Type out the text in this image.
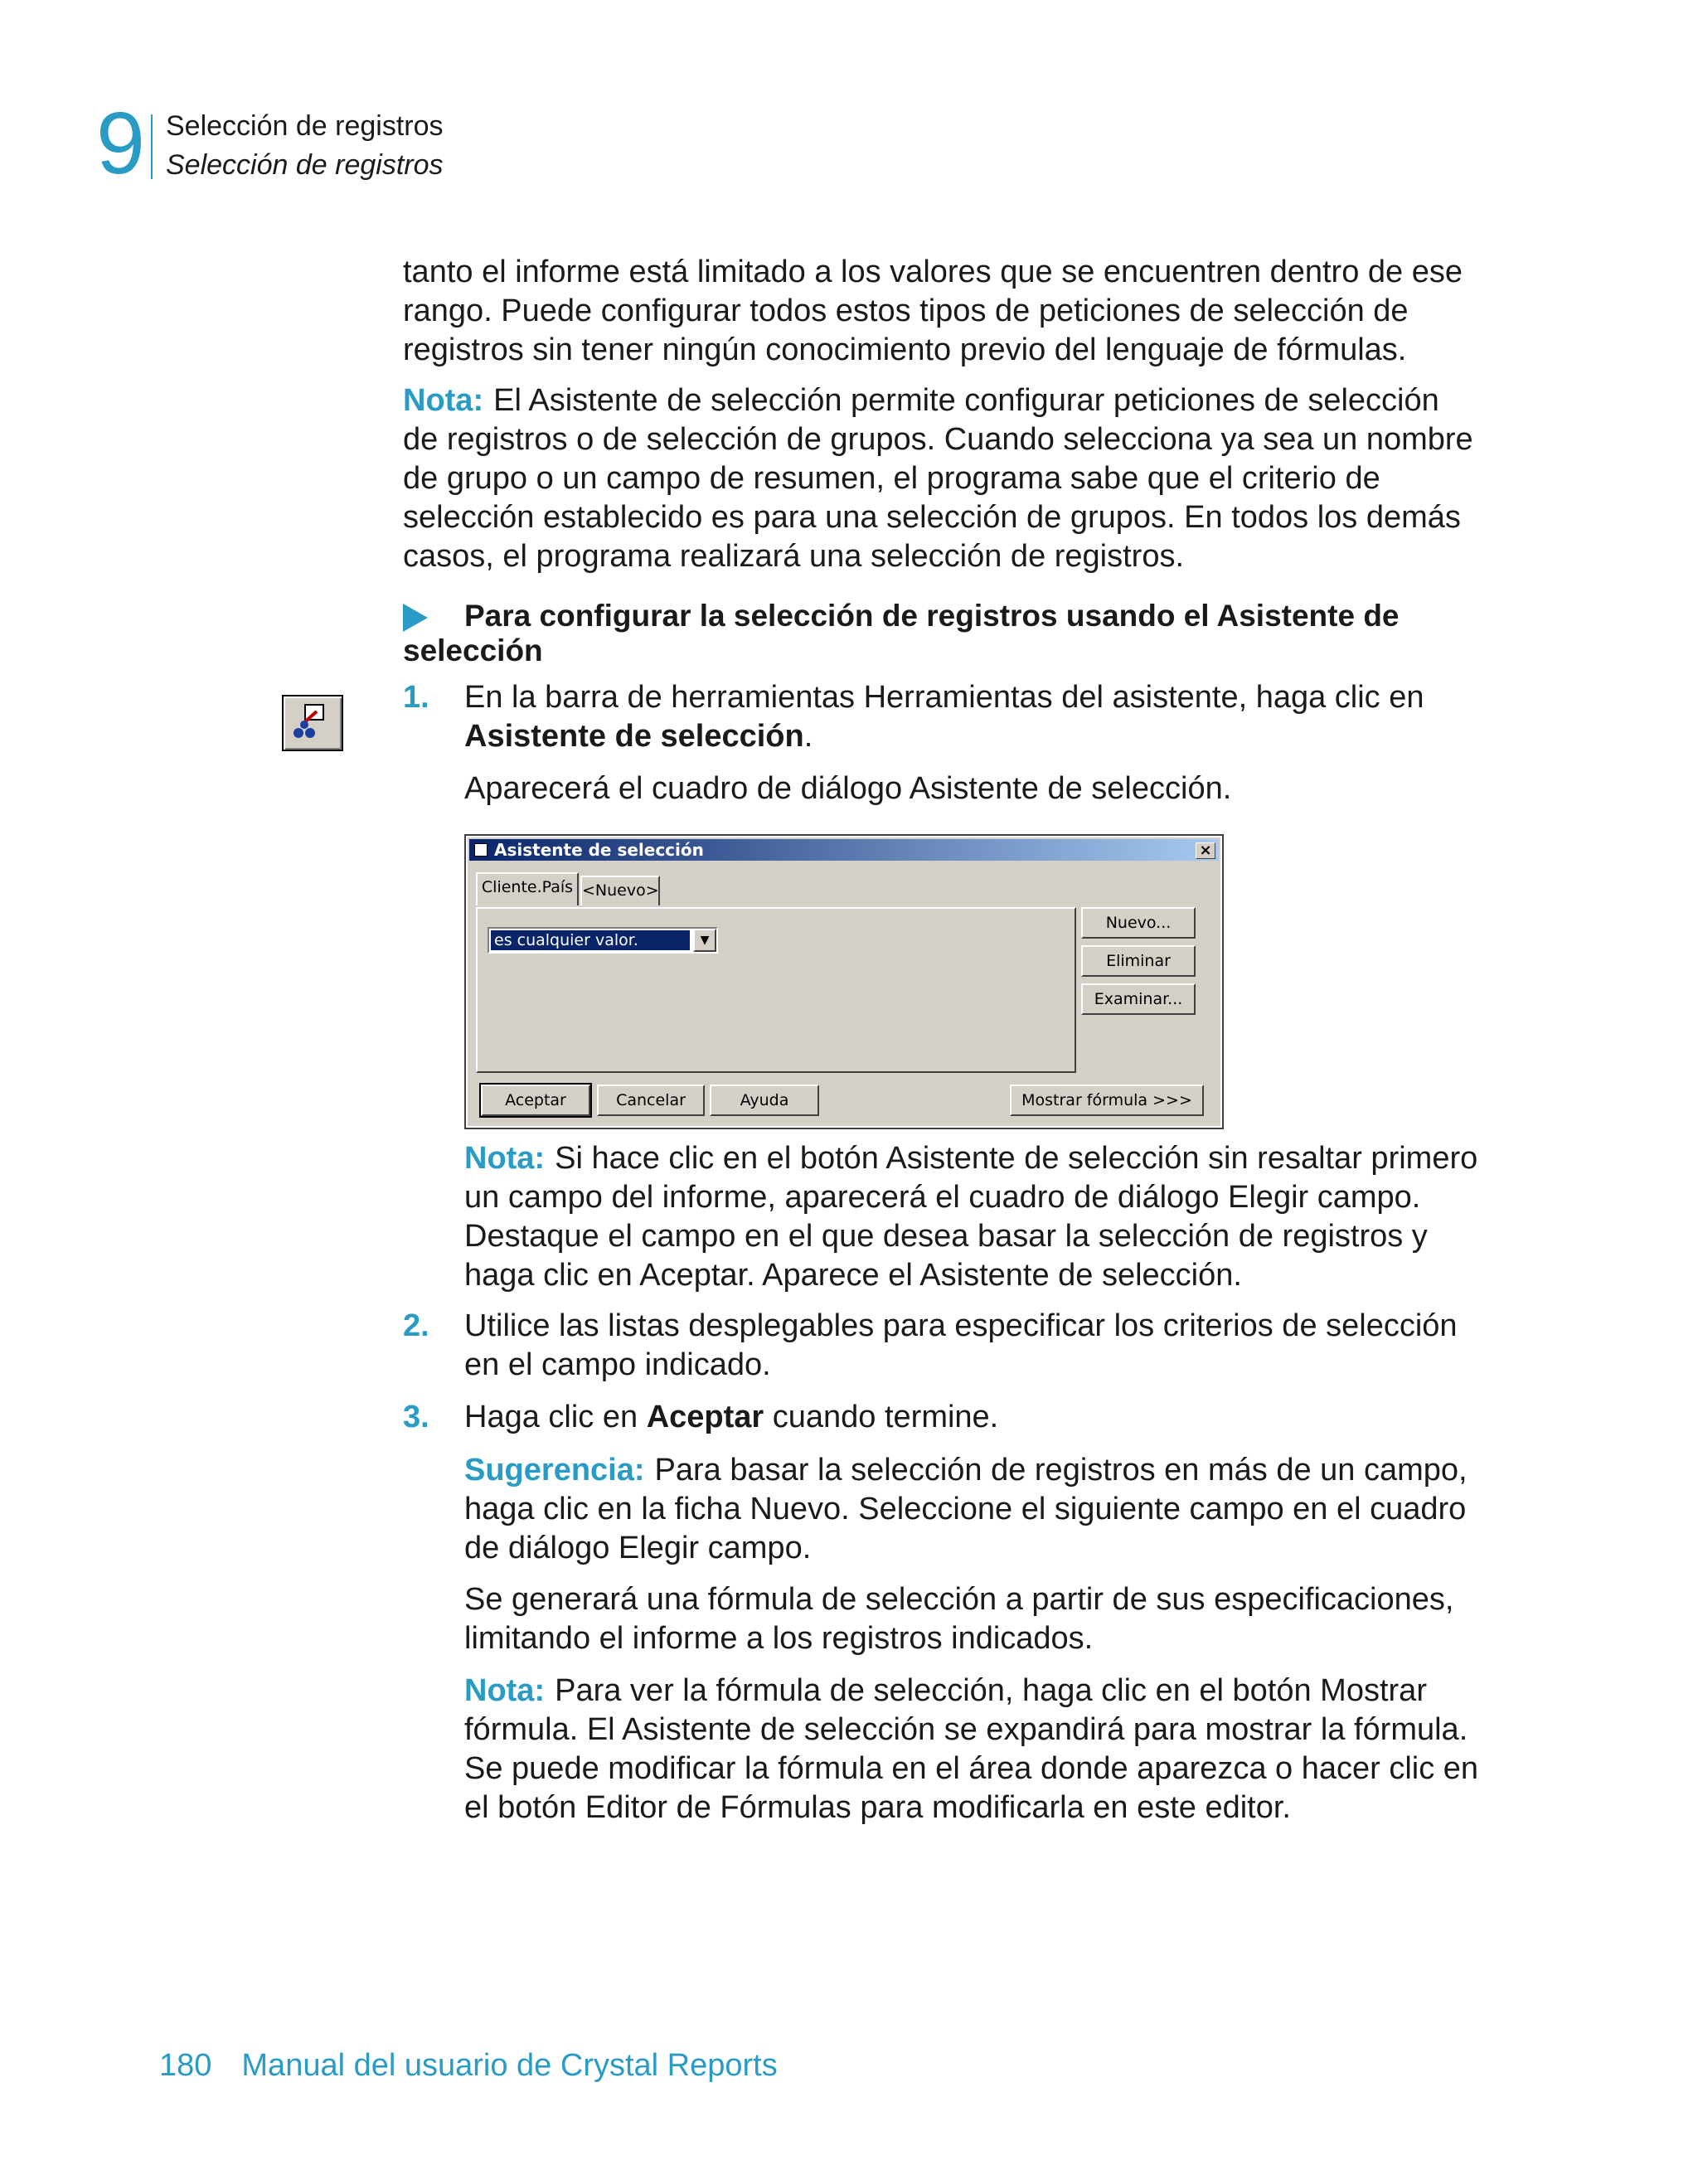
9 Selección de registros
Selección de registros
tanto el informe está limitado a los valores que se encuentren dentro de ese
rango. Puede configurar todos estos tipos de peticiones de selección de
registros sin tener ningún conocimiento previo del lenguaje de fórmulas.
Nota: El Asistente de selección permite configurar peticiones de selección
de registros o de selección de grupos. Cuando selecciona ya sea un nombre
de grupo o un campo de resumen, el programa sabe que el criterio de
selección establecido es para una selección de grupos. En todos los demás
casos, el programa realizará una selección de registros.
Para configurar la selección de registros usando el Asistente de
selección
1. En la barra de herramientas Herramientas del asistente, haga clic en
Asistente de selección.
Aparecerá el cuadro de diálogo Asistente de selección.
Asistente de selección	×
Cliente.País <Nuevo>
es cualquier valor.	▼
Nuevo...
Eliminar
Examinar...
Aceptar	Cancelar	Ayuda	Mostrar fórmula >>>
Nota: Si hace clic en el botón Asistente de selección sin resaltar primero
un campo del informe, aparecerá el cuadro de diálogo Elegir campo.
Destaque el campo en el que desea basar la selección de registros y
haga clic en Aceptar. Aparece el Asistente de selección.
2. Utilice las listas desplegables para especificar los criterios de selección
en el campo indicado.
3. Haga clic en Aceptar cuando termine.
Sugerencia: Para basar la selección de registros en más de un campo,
haga clic en la ficha Nuevo. Seleccione el siguiente campo en el cuadro
de diálogo Elegir campo.
Se generará una fórmula de selección a partir de sus especificaciones,
limitando el informe a los registros indicados.
Nota: Para ver la fórmula de selección, haga clic en el botón Mostrar
fórmula. El Asistente de selección se expandirá para mostrar la fórmula.
Se puede modificar la fórmula en el área donde aparezca o hacer clic en
el botón Editor de Fórmulas para modificarla en este editor.
180 Manual del usuario de Crystal Reports
